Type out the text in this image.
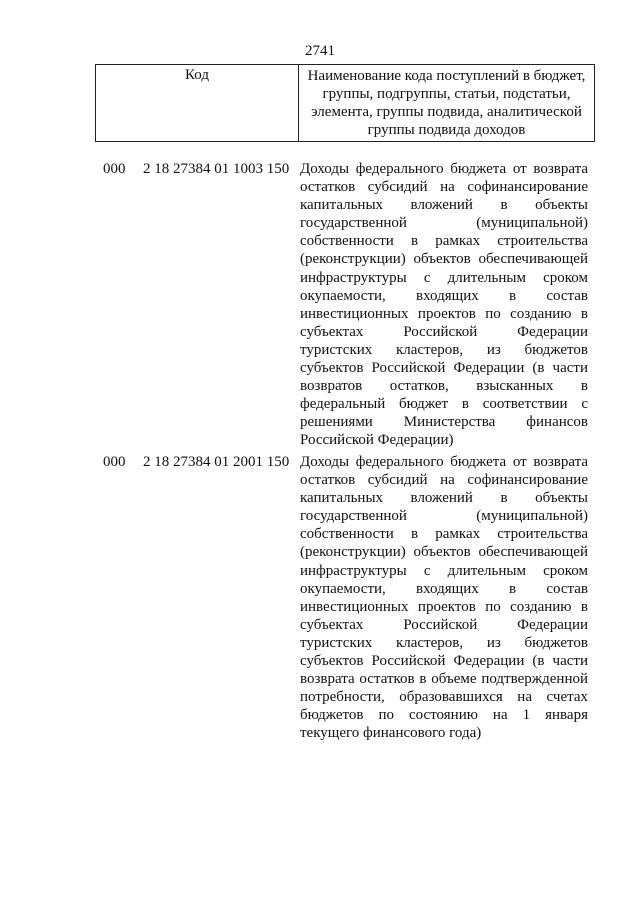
2741
Код	Наименование кода поступлений в бюджет,
группы, подгруппы, статьи, подстатьи,
элемента, группы подвида, аналитической
группы подвида доходов
000 2 18 27384 01 1003 150 Доходы федерального бюджета от возврата
остатков субсидий на софинансирование
капитальных вложений в объекты
государственной (муниципальной)
собственности в рамках строительства
(реконструкции) объектов обеспечивающей
инфраструктуры с длительным сроком
окупаемости, входящих в состав
инвестиционных проектов по созданию в
субъектах Российской Федерации
туристских кластеров, из бюджетов
субъектов Российской Федерации (в части
возвратов остатков, взысканных в
федеральный бюджет в соответствии с
решениями Министерства финансов
Российской Федерации)
000 2 18 27384 01 2001 150 Доходы федерального бюджета от возврата
остатков субсидий на софинансирование
капитальных вложений в объекты
государственной (муниципальной)
собственности в рамках строительства
(реконструкции) объектов обеспечивающей
инфраструктуры с длительным сроком
окупаемости, входящих в состав
инвестиционных проектов по созданию в
субъектах Российской Федерации
туристских кластеров, из бюджетов
субъектов Российской Федерации (в части
возврата остатков в объеме подтвержденной
потребности, образовавшихся на счетах
бюджетов по состоянию на 1 января
текущего финансового года)
